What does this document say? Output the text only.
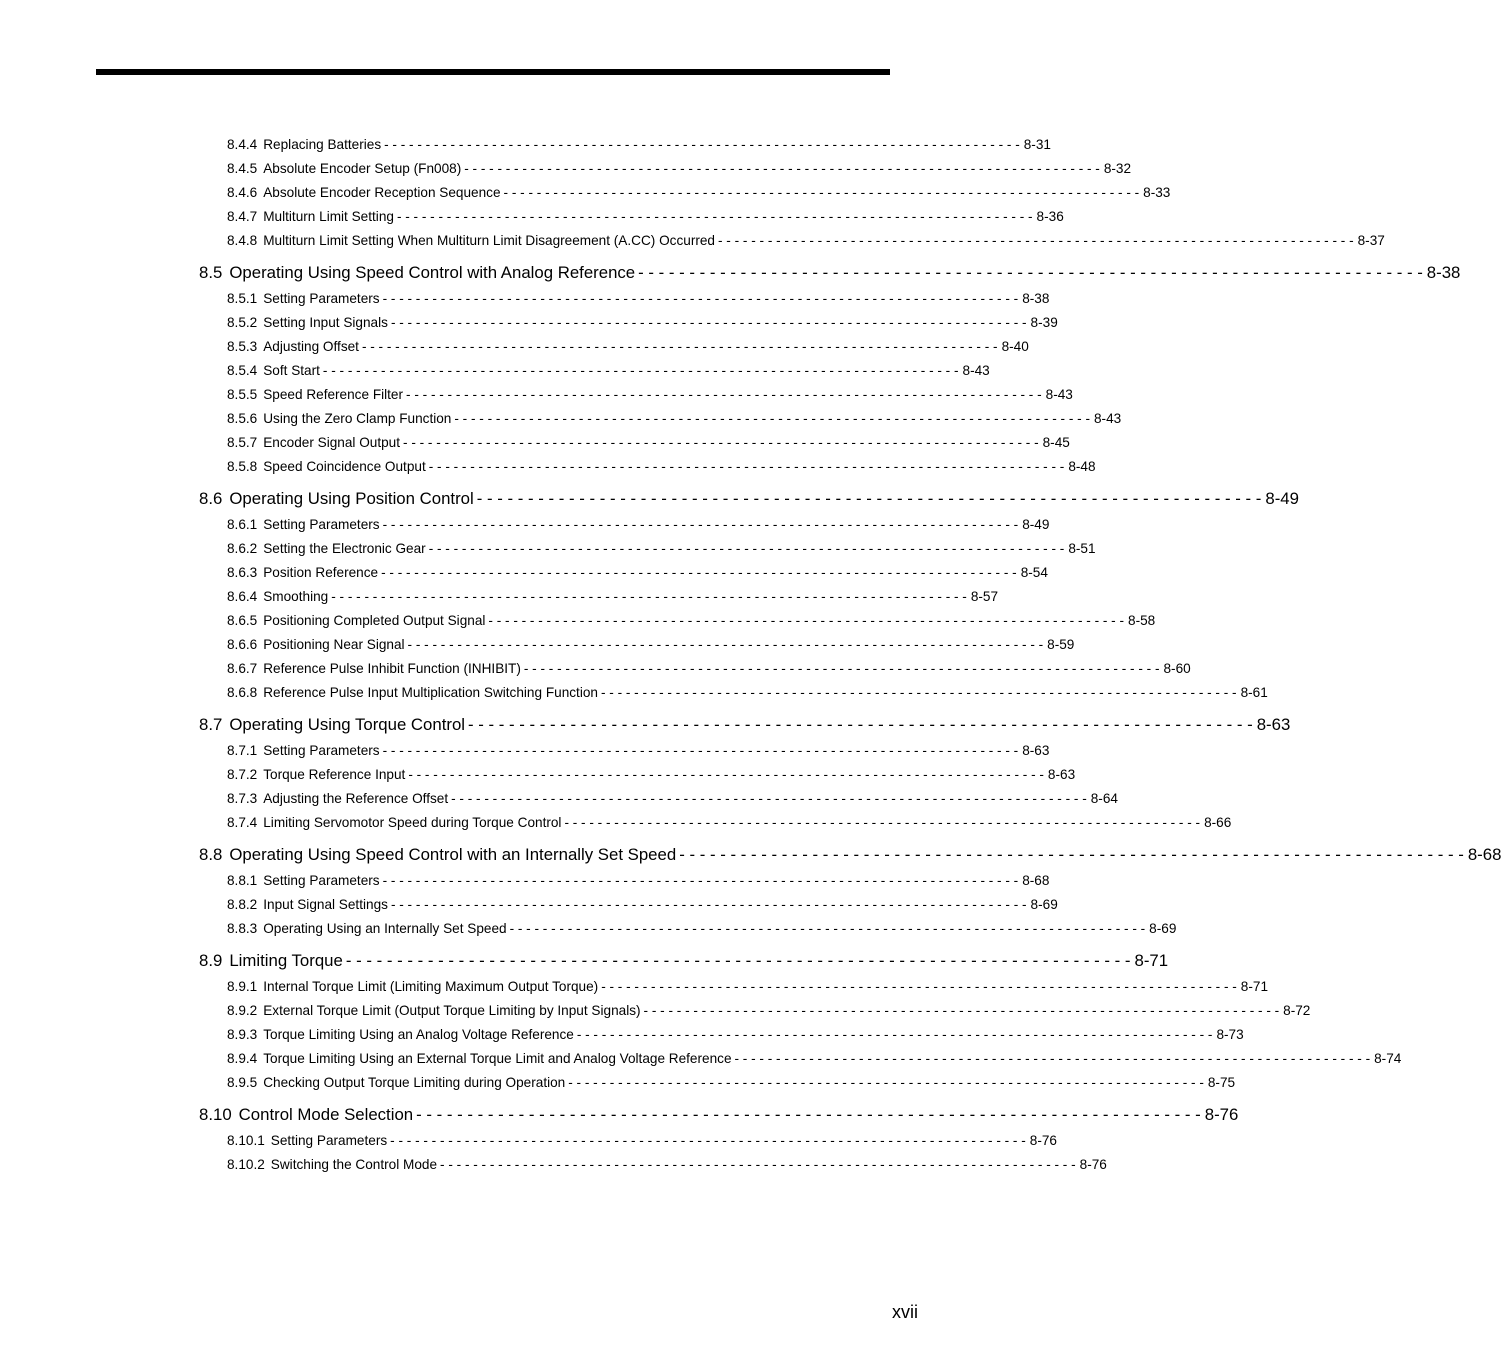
8.4.4 Replacing Batteries - - - - - - - - - - - - - - - - - - - - - - - - - - - - - - - - - - - - - - - - - - - - - - - - - - - - - - - - - - - - - - - - - - - - - - - - - - - - - 8-31
8.4.5 Absolute Encoder Setup (Fn008) - - - - - - - - - - - - - - - - - - - - - - - - - - - - - - - - - - - - - - - - - - - - - - - - - - - - - - - - - - - - - - - - - - - - - - - - - - - - - 8-32
8.4.6 Absolute Encoder Reception Sequence - - - - - - - - - - - - - - - - - - - - - - - - - - - - - - - - - - - - - - - - - - - - - - - - - - - - - - - - - - - - - - - - - - - - - - - - - - - - - 8-33
8.4.7 Multiturn Limit Setting - - - - - - - - - - - - - - - - - - - - - - - - - - - - - - - - - - - - - - - - - - - - - - - - - - - - - - - - - - - - - - - - - - - - - - - - - - - - - 8-36
8.4.8 Multiturn Limit Setting When Multiturn Limit Disagreement (A.CC) Occurred - - - - - - - - - - - - - - - - - - - - - - - - - - - - - - - - - - - - - - - - - - - - - - - - - - - - - - - - - - - - - - - - - - - - - - - - - - - - - 8-37
8.5 Operating Using Speed Control with Analog Reference - - - - - - - - - - - - - - - - - - - - - - - - - - - - - - - - - - - - - - - - - - - - - - - - - - - - - - - - - - - - - - - - - - - - - - - - - - - - - 8-38
8.5.1 Setting Parameters - - - - - - - - - - - - - - - - - - - - - - - - - - - - - - - - - - - - - - - - - - - - - - - - - - - - - - - - - - - - - - - - - - - - - - - - - - - - - 8-38
8.5.2 Setting Input Signals - - - - - - - - - - - - - - - - - - - - - - - - - - - - - - - - - - - - - - - - - - - - - - - - - - - - - - - - - - - - - - - - - - - - - - - - - - - - - 8-39
8.5.3 Adjusting Offset - - - - - - - - - - - - - - - - - - - - - - - - - - - - - - - - - - - - - - - - - - - - - - - - - - - - - - - - - - - - - - - - - - - - - - - - - - - - - 8-40
8.5.4 Soft Start - - - - - - - - - - - - - - - - - - - - - - - - - - - - - - - - - - - - - - - - - - - - - - - - - - - - - - - - - - - - - - - - - - - - - - - - - - - - - 8-43
8.5.5 Speed Reference Filter - - - - - - - - - - - - - - - - - - - - - - - - - - - - - - - - - - - - - - - - - - - - - - - - - - - - - - - - - - - - - - - - - - - - - - - - - - - - - 8-43
8.5.6 Using the Zero Clamp Function - - - - - - - - - - - - - - - - - - - - - - - - - - - - - - - - - - - - - - - - - - - - - - - - - - - - - - - - - - - - - - - - - - - - - - - - - - - - - 8-43
8.5.7 Encoder Signal Output - - - - - - - - - - - - - - - - - - - - - - - - - - - - - - - - - - - - - - - - - - - - - - - - - - - - - - - - - - - - - - - - - - - - - - - - - - - - - 8-45
8.5.8 Speed Coincidence Output - - - - - - - - - - - - - - - - - - - - - - - - - - - - - - - - - - - - - - - - - - - - - - - - - - - - - - - - - - - - - - - - - - - - - - - - - - - - - 8-48
8.6 Operating Using Position Control - - - - - - - - - - - - - - - - - - - - - - - - - - - - - - - - - - - - - - - - - - - - - - - - - - - - - - - - - - - - - - - - - - - - - - - - - - - - - 8-49
8.6.1 Setting Parameters - - - - - - - - - - - - - - - - - - - - - - - - - - - - - - - - - - - - - - - - - - - - - - - - - - - - - - - - - - - - - - - - - - - - - - - - - - - - - 8-49
8.6.2 Setting the Electronic Gear - - - - - - - - - - - - - - - - - - - - - - - - - - - - - - - - - - - - - - - - - - - - - - - - - - - - - - - - - - - - - - - - - - - - - - - - - - - - - 8-51
8.6.3 Position Reference - - - - - - - - - - - - - - - - - - - - - - - - - - - - - - - - - - - - - - - - - - - - - - - - - - - - - - - - - - - - - - - - - - - - - - - - - - - - - 8-54
8.6.4 Smoothing - - - - - - - - - - - - - - - - - - - - - - - - - - - - - - - - - - - - - - - - - - - - - - - - - - - - - - - - - - - - - - - - - - - - - - - - - - - - - 8-57
8.6.5 Positioning Completed Output Signal - - - - - - - - - - - - - - - - - - - - - - - - - - - - - - - - - - - - - - - - - - - - - - - - - - - - - - - - - - - - - - - - - - - - - - - - - - - - - 8-58
8.6.6 Positioning Near Signal - - - - - - - - - - - - - - - - - - - - - - - - - - - - - - - - - - - - - - - - - - - - - - - - - - - - - - - - - - - - - - - - - - - - - - - - - - - - - 8-59
8.6.7 Reference Pulse Inhibit Function (INHIBIT) - - - - - - - - - - - - - - - - - - - - - - - - - - - - - - - - - - - - - - - - - - - - - - - - - - - - - - - - - - - - - - - - - - - - - - - - - - - - - 8-60
8.6.8 Reference Pulse Input Multiplication Switching Function - - - - - - - - - - - - - - - - - - - - - - - - - - - - - - - - - - - - - - - - - - - - - - - - - - - - - - - - - - - - - - - - - - - - - - - - - - - - - 8-61
8.7 Operating Using Torque Control - - - - - - - - - - - - - - - - - - - - - - - - - - - - - - - - - - - - - - - - - - - - - - - - - - - - - - - - - - - - - - - - - - - - - - - - - - - - - 8-63
8.7.1 Setting Parameters - - - - - - - - - - - - - - - - - - - - - - - - - - - - - - - - - - - - - - - - - - - - - - - - - - - - - - - - - - - - - - - - - - - - - - - - - - - - - 8-63
8.7.2 Torque Reference Input - - - - - - - - - - - - - - - - - - - - - - - - - - - - - - - - - - - - - - - - - - - - - - - - - - - - - - - - - - - - - - - - - - - - - - - - - - - - - 8-63
8.7.3 Adjusting the Reference Offset - - - - - - - - - - - - - - - - - - - - - - - - - - - - - - - - - - - - - - - - - - - - - - - - - - - - - - - - - - - - - - - - - - - - - - - - - - - - - 8-64
8.7.4 Limiting Servomotor Speed during Torque Control - - - - - - - - - - - - - - - - - - - - - - - - - - - - - - - - - - - - - - - - - - - - - - - - - - - - - - - - - - - - - - - - - - - - - - - - - - - - - 8-66
8.8 Operating Using Speed Control with an Internally Set Speed - - - - - - - - - - - - - - - - - - - - - - - - - - - - - - - - - - - - - - - - - - - - - - - - - - - - - - - - - - - - - - - - - - - - - - - - - - - - - 8-68
8.8.1 Setting Parameters - - - - - - - - - - - - - - - - - - - - - - - - - - - - - - - - - - - - - - - - - - - - - - - - - - - - - - - - - - - - - - - - - - - - - - - - - - - - - 8-68
8.8.2 Input Signal Settings - - - - - - - - - - - - - - - - - - - - - - - - - - - - - - - - - - - - - - - - - - - - - - - - - - - - - - - - - - - - - - - - - - - - - - - - - - - - - 8-69
8.8.3 Operating Using an Internally Set Speed - - - - - - - - - - - - - - - - - - - - - - - - - - - - - - - - - - - - - - - - - - - - - - - - - - - - - - - - - - - - - - - - - - - - - - - - - - - - - 8-69
8.9 Limiting Torque - - - - - - - - - - - - - - - - - - - - - - - - - - - - - - - - - - - - - - - - - - - - - - - - - - - - - - - - - - - - - - - - - - - - - - - - - - - - - 8-71
8.9.1 Internal Torque Limit (Limiting Maximum Output Torque) - - - - - - - - - - - - - - - - - - - - - - - - - - - - - - - - - - - - - - - - - - - - - - - - - - - - - - - - - - - - - - - - - - - - - - - - - - - - - 8-71
8.9.2 External Torque Limit (Output Torque Limiting by Input Signals) - - - - - - - - - - - - - - - - - - - - - - - - - - - - - - - - - - - - - - - - - - - - - - - - - - - - - - - - - - - - - - - - - - - - - - - - - - - - - 8-72
8.9.3 Torque Limiting Using an Analog Voltage Reference - - - - - - - - - - - - - - - - - - - - - - - - - - - - - - - - - - - - - - - - - - - - - - - - - - - - - - - - - - - - - - - - - - - - - - - - - - - - - 8-73
8.9.4 Torque Limiting Using an External Torque Limit and Analog Voltage Reference - - - - - - - - - - - - - - - - - - - - - - - - - - - - - - - - - - - - - - - - - - - - - - - - - - - - - - - - - - - - - - - - - - - - - - - - - - - - - 8-74
8.9.5 Checking Output Torque Limiting during Operation - - - - - - - - - - - - - - - - - - - - - - - - - - - - - - - - - - - - - - - - - - - - - - - - - - - - - - - - - - - - - - - - - - - - - - - - - - - - - 8-75
8.10 Control Mode Selection - - - - - - - - - - - - - - - - - - - - - - - - - - - - - - - - - - - - - - - - - - - - - - - - - - - - - - - - - - - - - - - - - - - - - - - - - - - - - 8-76
8.10.1 Setting Parameters - - - - - - - - - - - - - - - - - - - - - - - - - - - - - - - - - - - - - - - - - - - - - - - - - - - - - - - - - - - - - - - - - - - - - - - - - - - - - 8-76
8.10.2 Switching the Control Mode - - - - - - - - - - - - - - - - - - - - - - - - - - - - - - - - - - - - - - - - - - - - - - - - - - - - - - - - - - - - - - - - - - - - - - - - - - - - - 8-76
xvii
